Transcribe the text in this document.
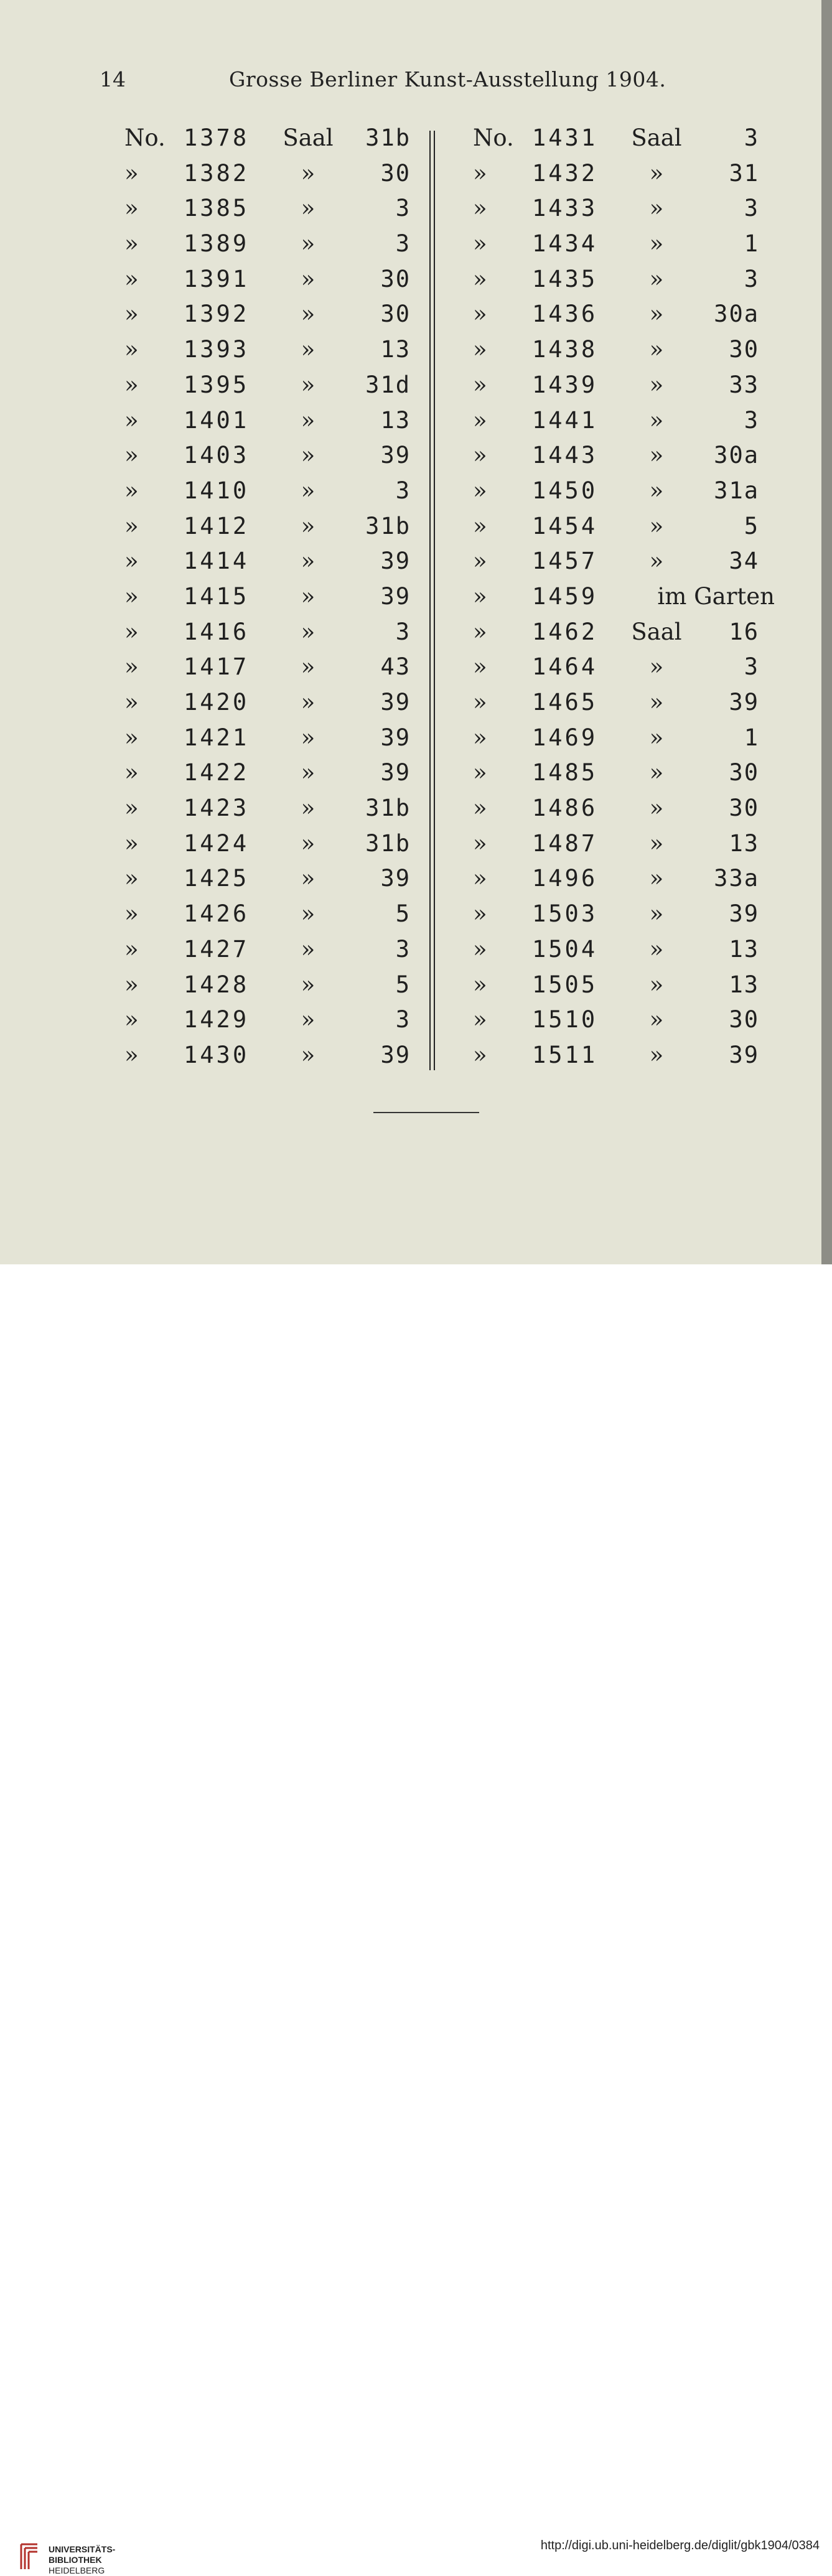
14	Grosse Berliner Kunst-Ausstellung 1904.
No. 1378	Saal	31b
»	1382	»	30
»	1385	»	3
»	1389	»	3
»	1391	»	30
»	1392	»	30
»	1393	»	13
»	1395	»	31d
»	1401	»	13
»	1403	»	39
»	1410	»	3
»	1412	»	31b
»	1414	»	39
»	1415	»	39
»	1416	»	3
»	1417	»	43
»	1420	»	39
»	1421	»	39
»	1422	»	39
»	1423	»	31b
»	1424	»	31b
»	1425	»	39
»	1426	»	5
»	1427	»	3
»	1428	»	5
»	1429	»	3
»	1430	»	39
No. 1431	Saal	3
»	1432	»	31
»	1433	»	3
»	1434	»	1
»	1435	»	3
»	1436	»	30a
»	1438	»	30
»	1439	»	33
»	1441	»	3
»	1443	»	30a
»	1450	»	31a
»	1454	»	5
»	1457	»	34
»	1459	im Garten
»	1462	Saal	16
»	1464	»	3
»	1465	»	39
»	1469	»	1
»	1485	»	30
»	1486	»	30
»	1487	»	13
»	1496	»	33a
»	1503	»	39
»	1504	»	13
»	1505	»	13
»	1510	»	30
»	1511	»	39
UNIVERSITÄTS-
BIBLIOTHEK
HEIDELBERG
http://digi.ub.uni-heidelberg.de/diglit/gbk1904/0384
